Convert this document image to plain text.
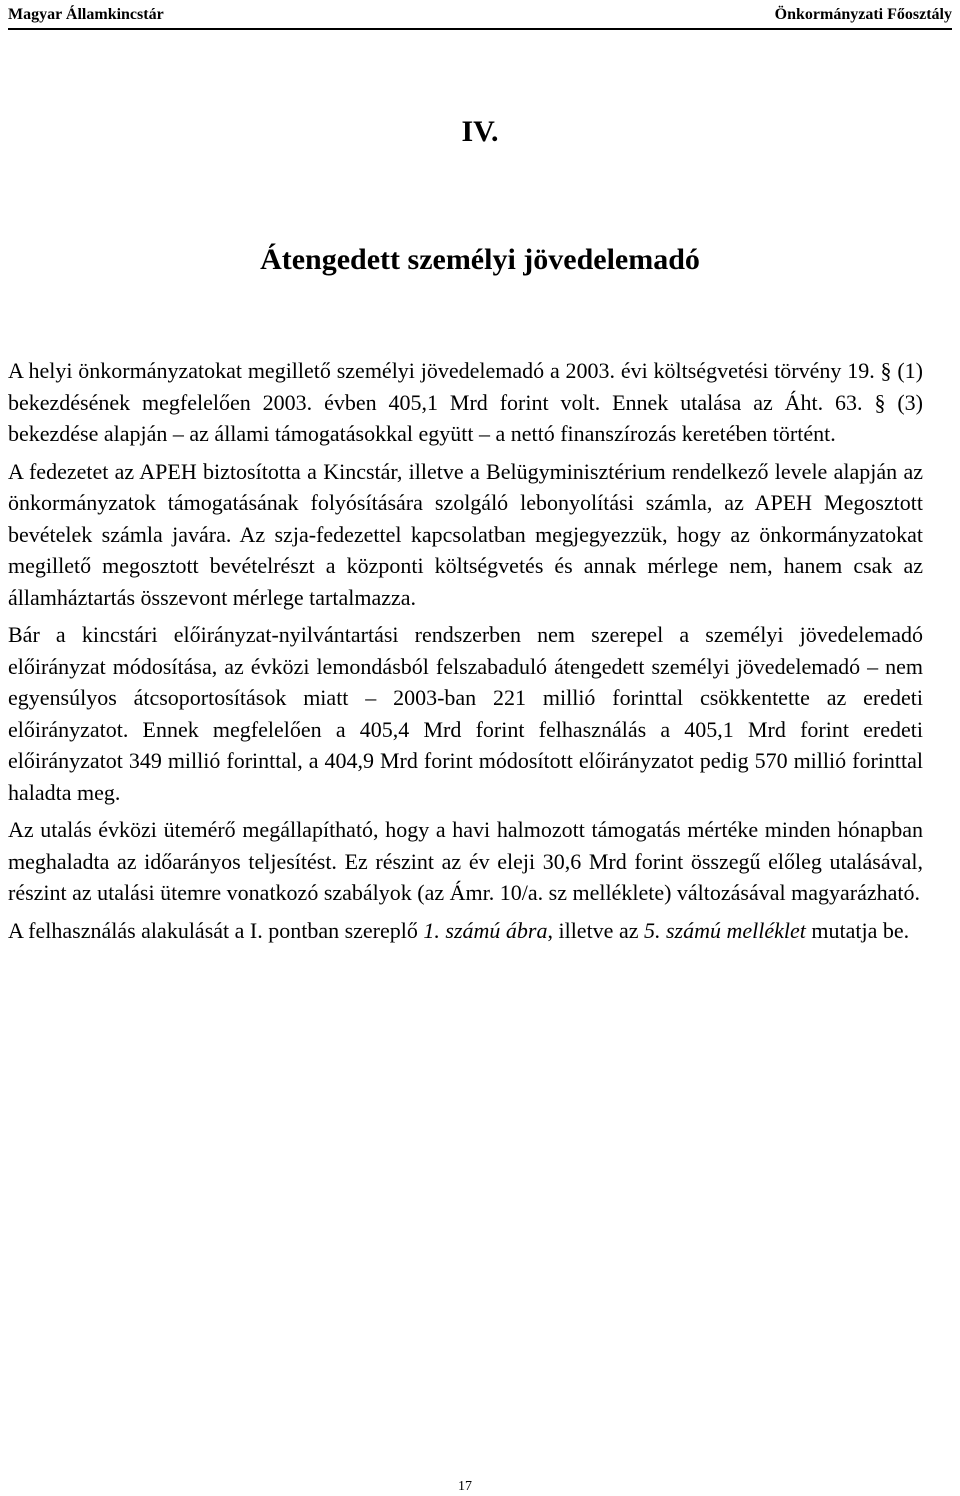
Magyar Államkincstár	Önkormányzati Főosztály
IV.
Átengedett személyi jövedelemadó

A helyi önkormányzatokat megillető személyi jövedelemadó a 2003. évi költségvetési törvény 19. § (1) bekezdésének megfelelően 2003. évben 405,1 Mrd forint volt. Ennek utalása az Áht. 63. § (3) bekezdése alapján – az állami támogatásokkal együtt – a nettó finanszírozás keretében történt.

A fedezetet az APEH biztosította a Kincstár, illetve a Belügyminisztérium rendelkező levele alapján az önkormányzatok támogatásának folyósítására szolgáló lebonyolítási számla, az APEH Megosztott bevételek számla javára. Az szja-fedezettel kapcsolatban megjegyezzük, hogy az önkormányzatokat megillető megosztott bevételrészt a központi költségvetés és annak mérlege nem, hanem csak az államháztartás összevont mérlege tartalmazza.

Bár a kincstári előirányzat-nyilvántartási rendszerben nem szerepel a személyi jövedelemadó előirányzat módosítása, az évközi lemondásból felszabaduló átengedett személyi jövedelemadó – nem egyensúlyos átcsoportosítások miatt – 2003-ban 221 millió forinttal csökkentette az eredeti előirányzatot. Ennek megfelelően a 405,4 Mrd forint felhasználás a 405,1 Mrd forint eredeti előirányzatot 349 millió forinttal, a 404,9 Mrd forint módosított előirányzatot pedig 570 millió forinttal haladta meg.

Az utalás évközi ütemérő megállapítható, hogy a havi halmozott támogatás mértéke minden hónapban meghaladta az időarányos teljesítést. Ez részint az év eleji 30,6 Mrd forint összegű előleg utalásával, részint az utalási ütemre vonatkozó szabályok (az Ámr. 10/a. sz melléklete) változásával magyarázható.

A felhasználás alakulását a I. pontban szereplő 1. számú ábra, illetve az 5. számú melléklet mutatja be.

17
